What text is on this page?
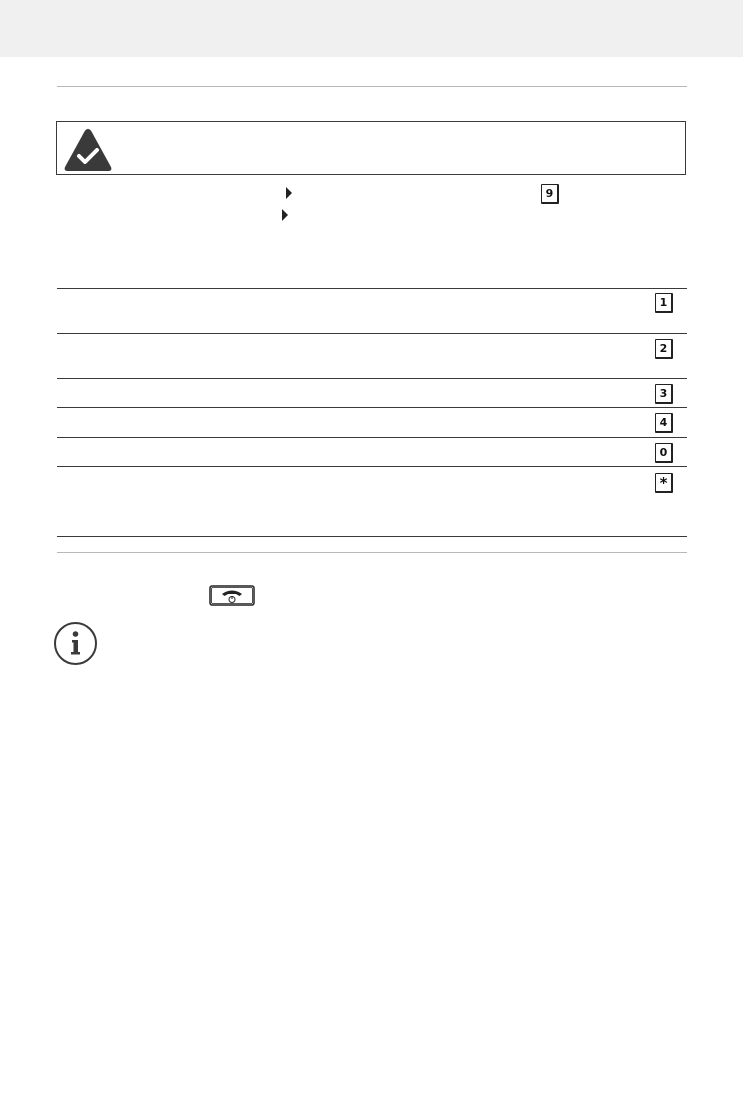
9
1
2
3
4
0
*
